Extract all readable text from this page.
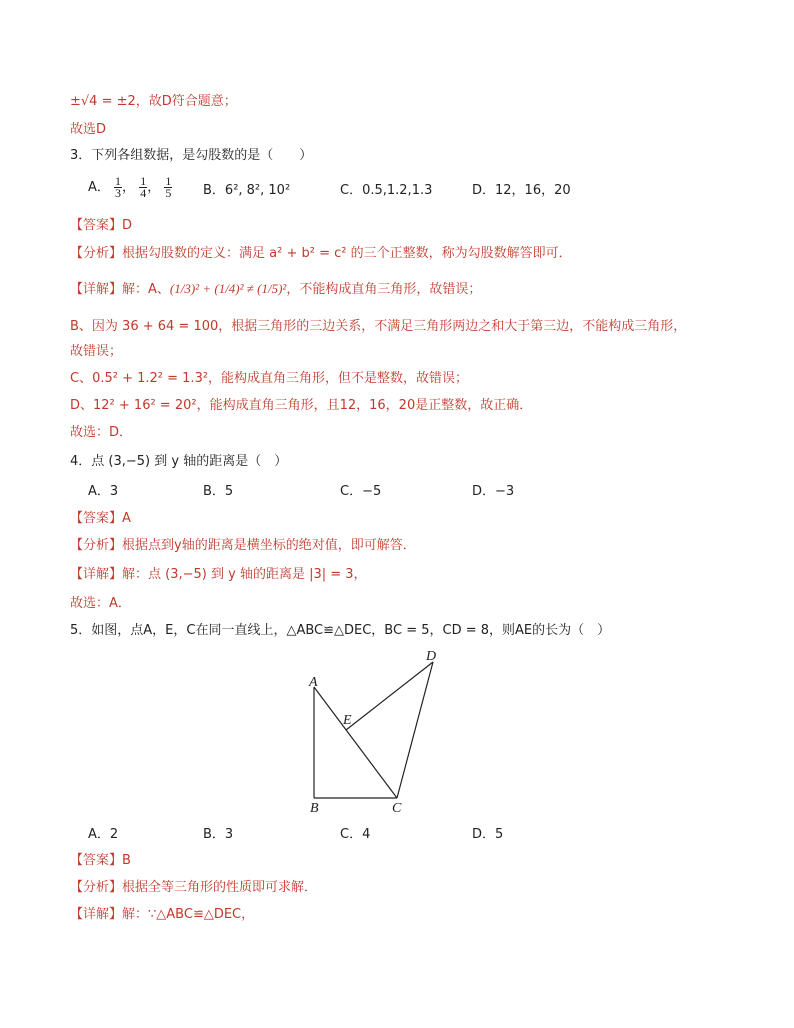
±√4 = ±2，故D符合题意；
故选D
3．下列各组数据，是勾股数的是（　　）
A． $\frac{1}{3}$ ， $\frac{1}{4}$ ， $\frac{1}{5}$ B．6², 8², 10²	C．0.5,1.2,1.3	D．12，16，20
【答案】D
【分析】根据勾股数的定义：满足 a² + b² = c² 的三个正整数，称为勾股数解答即可．
【详解】解：A、(1/3)² + (1/4)² ≠ (1/5)²，不能构成直角三角形，故错误；
B、因为 36 + 64 = 100，根据三角形的三边关系，不满足三角形两边之和大于第三边，不能构成三角形，
故错误；
C、0.5² + 1.2² = 1.3²，能构成直角三角形，但不是整数，故错误；
D、12² + 16² = 20²，能构成直角三角形，且12，16，20是正整数，故正确．
故选：D．
4．点 (3,−5) 到 y 轴的距离是（　）
A．3	B．5	C．−5	D．−3
【答案】A
【分析】根据点到y轴的距离是横坐标的绝对值，即可解答．
【详解】解：点 (3,−5) 到 y 轴的距离是 |3| = 3，
故选：A．
5．如图，点A，E，C在同一直线上，△ABC≌△DEC，BC = 5，CD = 8，则AE的长为（　）
A
B	C
D
E
A．2	B．3	C．4	D．5
【答案】B
【分析】根据全等三角形的性质即可求解．
【详解】解：∵△ABC≌△DEC，
